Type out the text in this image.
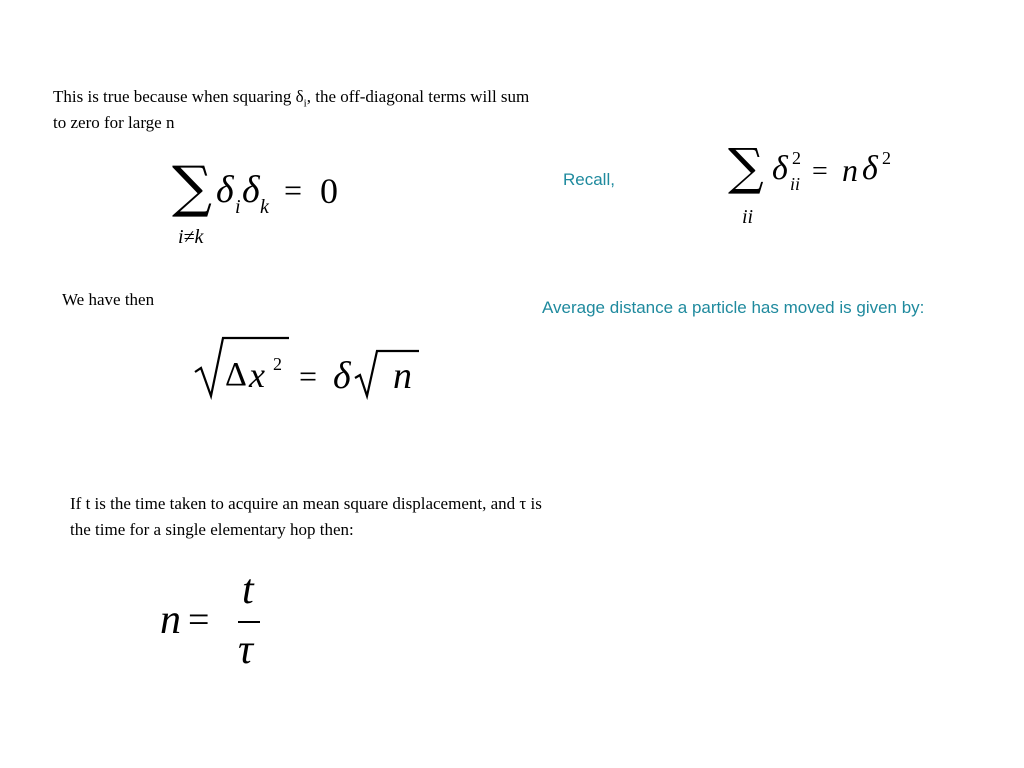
This is true because when squaring $\delta_i$, the off-diagonal terms will sum
to zero for large n
∑ δ i δ k = 0
i≠k
Recall, ∑ δ 2
ii = n δ 2
ii
We have then	Average distance a particle has moved is given by:
Δ x 2 = δ n
If t is the time taken to acquire an mean square displacement, and τ is
the time for a single elementary hop then:
n =
t
τ
